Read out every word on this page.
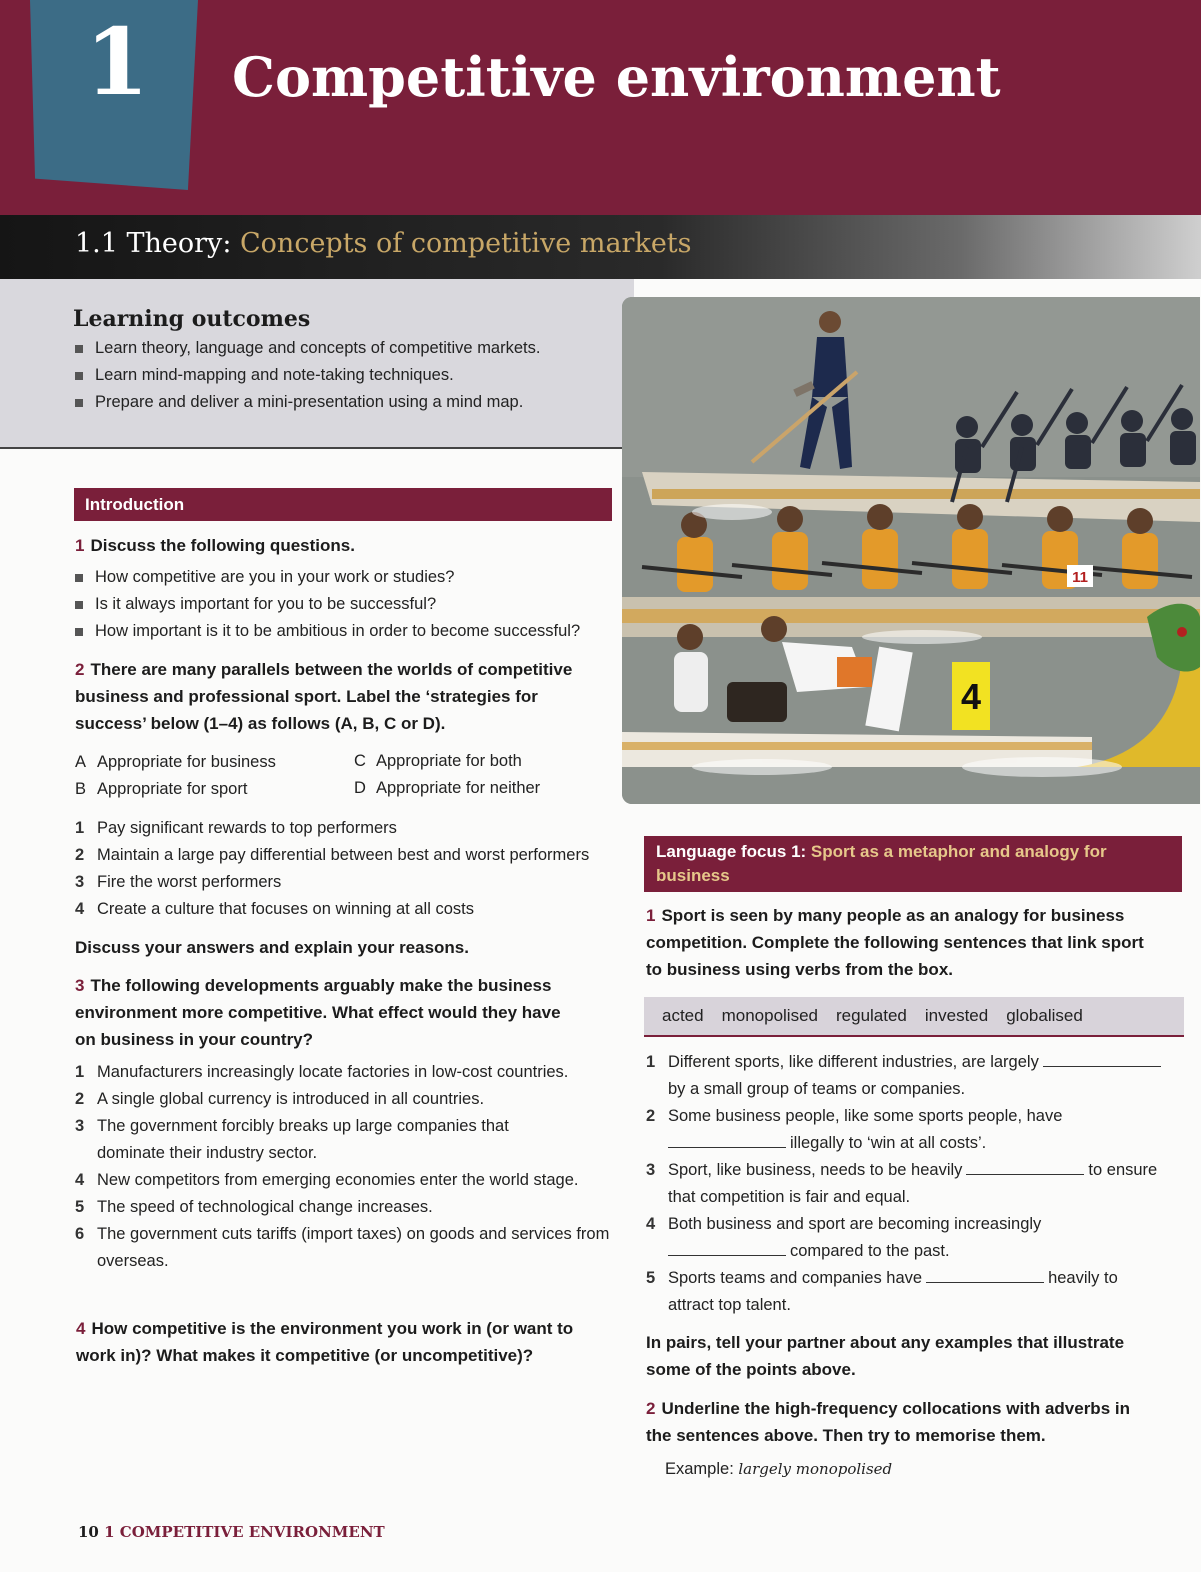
1 Competitive environment
1.1 Theory: Concepts of competitive markets
Learning outcomes
Learn theory, language and concepts of competitive markets.
Learn mind-mapping and note-taking techniques.
Prepare and deliver a mini-presentation using a mind map.
11
4
Introduction
1 Discuss the following questions.
How competitive are you in your work or studies?
Is it always important for you to be successful?
How important is it to be ambitious in order to become successful?
2 There are many parallels between the worlds of competitive
business and professional sport. Label the ‘strategies for
success’ below (1–4) as follows (A, B, C or D).
A Appropriate for business
B Appropriate for sport
C Appropriate for both
D Appropriate for neither
1 Pay significant rewards to top performers
2 Maintain a large pay differential between best and worst performers
3 Fire the worst performers
4 Create a culture that focuses on winning at all costs
Discuss your answers and explain your reasons.
3 The following developments arguably make the business
environment more competitive. What effect would they have
on business in your country?
1 Manufacturers increasingly locate factories in low-cost countries.
2 A single global currency is introduced in all countries.
3 The government forcibly breaks up large companies that dominate their industry sector.
4 New competitors from emerging economies enter the world stage.
5 The speed of technological change increases.
6 The government cuts tariffs (import taxes) on goods and services from overseas.
4 How competitive is the environment you work in (or want to
work in)? What makes it competitive (or uncompetitive)?
Language focus 1: Sport as a metaphor and analogy for
business
1 Sport is seen by many people as an analogy for business
competition. Complete the following sentences that link sport
to business using verbs from the box.
acted monopolised regulated invested globalised
1 Different sports, like different industries, are largely
by a small group of teams or companies.
2 Some business people, like some sports people, have
illegally to ‘win at all costs’.
3 Sport, like business, needs to be heavily	to ensure
that competition is fair and equal.
4 Both business and sport are becoming increasingly
compared to the past.
5 Sports teams and companies have	heavily to
attract top talent.
In pairs, tell your partner about any examples that illustrate
some of the points above.
2 Underline the high-frequency collocations with adverbs in
the sentences above. Then try to memorise them.
Example: largely monopolised
10 1 COMPETITIVE ENVIRONMENT
